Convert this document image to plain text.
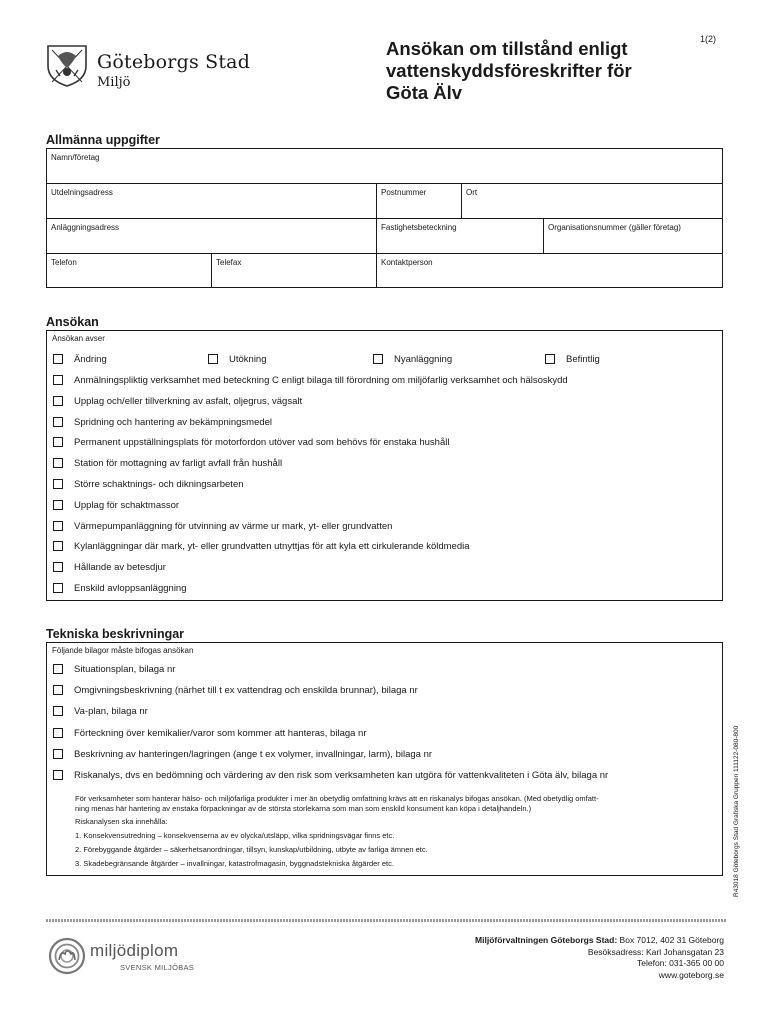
1(2)
Göteborgs Stad
Miljö
Ansökan om tillstånd enligt
vattenskyddsföreskrifter för
Göta Älv
Allmänna uppgifter
Namn/företag
Utdelningsadress	Postnummer	Ort
Anläggningsadress	Fastighetsbeteckning	Organisationsnummer (gäller företag)
Telefon	Telefax	Kontaktperson
Ansökan
Ansökan avser
Ändring	Utökning	Nyanläggning	Befintlig
Anmälningspliktig verksamhet med beteckning C enligt bilaga till förordning om miljöfarlig verksamhet och hälsoskydd
Upplag och/eller tillverkning av asfalt, oljegrus, vägsalt
Spridning och hantering av bekämpningsmedel
Permanent uppställningsplats för motorfordon utöver vad som behövs för enstaka hushåll
Station för mottagning av farligt avfall från hushåll
Större schaktnings- och dikningsarbeten
Upplag för schaktmassor
Värmepumpanläggning för utvinning av värme ur mark, yt- eller grundvatten
Kylanläggningar där mark, yt- eller grundvatten utnyttjas för att kyla ett cirkulerande köldmedia
Hållande av betesdjur
Enskild avloppsanläggning
Tekniska beskrivningar
Följande bilagor måste bifogas ansökan
Situationsplan, bilaga nr
Omgivningsbeskrivning (närhet till t ex vattendrag och enskilda brunnar), bilaga nr
Va-plan, bilaga nr
Förteckning över kemikalier/varor som kommer att hanteras, bilaga nr
Beskrivning av hanteringen/lagringen (ange t ex volymer, invallningar, larm), bilaga nr
Riskanalys, dvs en bedömning och värdering av den risk som verksamheten kan utgöra för vattenkvaliteten i Göta älv, bilaga nr
För verksamheter som hanterar hälso- och miljöfarliga produkter i mer än obetydlig omfattning krävs att en riskanalys bifogas ansökan. (Med obetydlig omfatt-
ning menas här hantering av enstaka förpackningar av de största storlekarna som man som enskild konsument kan köpa i detaljhandeln.)
Riskanalysen ska innehålla:
1. Konsekvensutredning – konsekvenserna av ev olycka/utsläpp, vilka spridningsvägar finns etc.
2. Förebyggande åtgärder – säkerhetsanordningar, tillsyn, kunskap/utbildning, utbyte av farliga ämnen etc.
3. Skadebegränsande åtgärder – invallningar, katastrofmagasin, byggnadstekniska åtgärder etc.	R43018 Göteborgs Stad Grafiska Gruppen 111122-080-800
miljödiplom
SVENSK MILJÖBAS
Miljöförvaltningen Göteborgs Stad: Box 7012, 402 31 Göteborg
Besöksadress: Karl Johansgatan 23
Telefon: 031-365 00 00
www.goteborg.se
